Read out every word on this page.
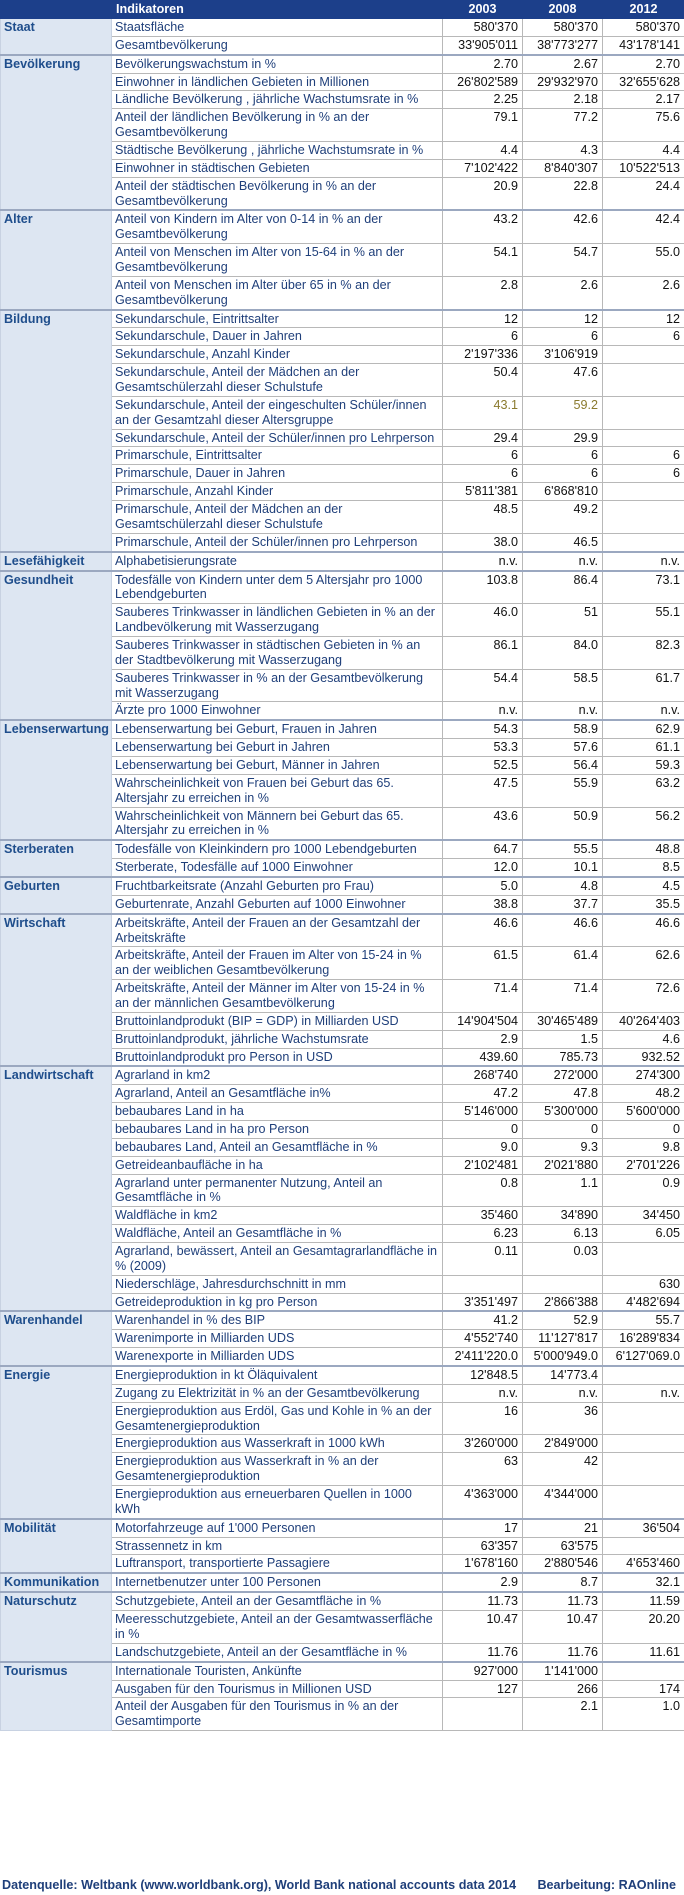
	Indikatoren	2003	2008	2012
Staat	Staatsfläche	580'370	580'370	580'370
	Gesamtbevölkerung	33'905'011	38'773'277	43'178'141
Bevölkerung	Bevölkerungswachstum in %	2.70	2.67	2.70
	Einwohner in ländlichen Gebieten in Millionen	26'802'589	29'932'970	32'655'628
	Ländliche Bevölkerung , jährliche Wachstumsrate in %	2.25	2.18	2.17
	Anteil der ländlichen Bevölkerung in % an der Gesamtbevölkerung	79.1	77.2	75.6
	Städtische Bevölkerung , jährliche Wachstumsrate in %	4.4	4.3	4.4
	Einwohner in städtischen Gebieten	7'102'422	8'840'307	10'522'513
	Anteil der städtischen Bevölkerung in % an der Gesamtbevölkerung	20.9	22.8	24.4
Alter	Anteil von Kindern im Alter von 0-14 in % an der Gesamtbevölkerung	43.2	42.6	42.4
	Anteil von Menschen im Alter von 15-64 in % an der Gesamtbevölkerung	54.1	54.7	55.0
	Anteil von Menschen im Alter über 65 in % an der Gesamtbevölkerung	2.8	2.6	2.6
Bildung	Sekundarschule, Eintrittsalter	12	12	12
	Sekundarschule, Dauer in Jahren	6	6	6
	Sekundarschule, Anzahl Kinder	2'197'336	3'106'919	
	Sekundarschule, Anteil der Mädchen an der Gesamtschülerzahl dieser Schulstufe	50.4	47.6	
	Sekundarschule, Anteil der eingeschulten Schüler/innen an der Gesamtzahl dieser Altersgruppe	43.1	59.2	
	Sekundarschule, Anteil der Schüler/innen pro Lehrperson	29.4	29.9	
	Primarschule, Eintrittsalter	6	6	6
	Primarschule, Dauer in Jahren	6	6	6
	Primarschule, Anzahl Kinder	5'811'381	6'868'810	
	Primarschule, Anteil der Mädchen an der Gesamtschülerzahl dieser Schulstufe	48.5	49.2	
	Primarschule, Anteil der Schüler/innen pro Lehrperson	38.0	46.5	
Lesefähigkeit	Alphabetisierungsrate	n.v.	n.v.	n.v.
Gesundheit	Todesfälle von Kindern unter dem 5 Altersjahr pro 1000 Lebendgeburten	103.8	86.4	73.1
	Sauberes Trinkwasser in ländlichen Gebieten in % an der Landbevölkerung mit Wasserzugang	46.0	51	55.1
	Sauberes Trinkwasser in städtischen Gebieten in % an der Stadtbevölkerung mit Wasserzugang	86.1	84.0	82.3
	Sauberes Trinkwasser in % an der Gesamtbevölkerung mit Wasserzugang	54.4	58.5	61.7
	Ärzte pro 1000 Einwohner	n.v.	n.v.	n.v.
Lebenserwartung	Lebenserwartung bei Geburt, Frauen in Jahren	54.3	58.9	62.9
	Lebenserwartung bei Geburt in Jahren	53.3	57.6	61.1
	Lebenserwartung bei Geburt, Männer in Jahren	52.5	56.4	59.3
	Wahrscheinlichkeit von Frauen bei Geburt das 65. Altersjahr zu erreichen in %	47.5	55.9	63.2
	Wahrscheinlichkeit von Männern bei Geburt das 65. Altersjahr zu erreichen in %	43.6	50.9	56.2
Sterberaten	Todesfälle von Kleinkindern pro 1000 Lebendgeburten	64.7	55.5	48.8
	Sterberate, Todesfälle auf 1000 Einwohner	12.0	10.1	8.5
Geburten	Fruchtbarkeitsrate (Anzahl Geburten pro Frau)	5.0	4.8	4.5
	Geburtenrate, Anzahl Geburten auf 1000 Einwohner	38.8	37.7	35.5
Wirtschaft	Arbeitskräfte, Anteil der Frauen an der Gesamtzahl der Arbeitskräfte	46.6	46.6	46.6
	Arbeitskräfte, Anteil der Frauen im Alter von 15-24 in % an der weiblichen Gesamtbevölkerung	61.5	61.4	62.6
	Arbeitskräfte, Anteil der Männer im Alter von 15-24 in % an der männlichen Gesamtbevölkerung	71.4	71.4	72.6
	Bruttoinlandprodukt (BIP = GDP) in Milliarden USD	14'904'504	30'465'489	40'264'403
	Bruttoinlandprodukt, jährliche Wachstumsrate	2.9	1.5	4.6
	Bruttoinlandprodukt pro Person in USD	439.60	785.73	932.52
Landwirtschaft	Agrarland in km2	268'740	272'000	274'300
	Agrarland, Anteil an Gesamtfläche in%	47.2	47.8	48.2
	bebaubares Land in ha	5'146'000	5'300'000	5'600'000
	bebaubares Land in ha pro Person	0	0	0
	bebaubares Land, Anteil an Gesamtfläche in %	9.0	9.3	9.8
	Getreideanbaufläche in ha	2'102'481	2'021'880	2'701'226
	Agrarland unter permanenter Nutzung, Anteil an Gesamtfläche in %	0.8	1.1	0.9
	Waldfläche in km2	35'460	34'890	34'450
	Waldfläche, Anteil an Gesamtfläche in %	6.23	6.13	6.05
	Agrarland, bewässert, Anteil an Gesamtagrarlandfläche in % (2009)	0.11	0.03	
	Niederschläge, Jahresdurchschnitt in mm			630
	Getreideproduktion in kg pro Person	3'351'497	2'866'388	4'482'694
Warenhandel	Warenhandel in % des BIP	41.2	52.9	55.7
	Warenimporte in Milliarden UDS	4'552'740	11'127'817	16'289'834
	Warenexporte in Milliarden UDS	2'411'220.0	5'000'949.0	6'127'069.0
Energie	Energieproduktion in kt Öläquivalent	12'848.5	14'773.4	
	Zugang zu Elektrizität in % an der Gesamtbevölkerung	n.v.	n.v.	n.v.
	Energieproduktion aus Erdöl, Gas und Kohle in % an der Gesamtenergieproduktion	16	36	
	Energieproduktion aus Wasserkraft in 1000 kWh	3'260'000	2'849'000	
	Energieproduktion aus Wasserkraft in % an der Gesamtenergieproduktion	63	42	
	Energieproduktion aus erneuerbaren Quellen in 1000 kWh	4'363'000	4'344'000	
Mobilität	Motorfahrzeuge auf 1'000 Personen	17	21	36'504
	Strassennetz in km	63'357	63'575	
	Luftransport, transportierte Passagiere	1'678'160	2'880'546	4'653'460
Kommunikation	Internetbenutzer unter 100 Personen	2.9	8.7	32.1
Naturschutz	Schutzgebiete, Anteil an der Gesamtfläche in %	11.73	11.73	11.59
	Meeresschutzgebiete, Anteil an der Gesamtwasserfläche in %	10.47	10.47	20.20
	Landschutzgebiete, Anteil an der Gesamtfläche in %	11.76	11.76	11.61
Tourismus	Internationale Touristen, Ankünfte	927'000	1'141'000	
	Ausgaben für den Tourismus in Millionen USD	127	266	174
	Anteil der Ausgaben für den Tourismus in % an der Gesamtimporte		2.1	1.0
Datenquelle: Weltbank (www.worldbank.org), World Bank national accounts data 2014 Bearbeitung: RAOnline
